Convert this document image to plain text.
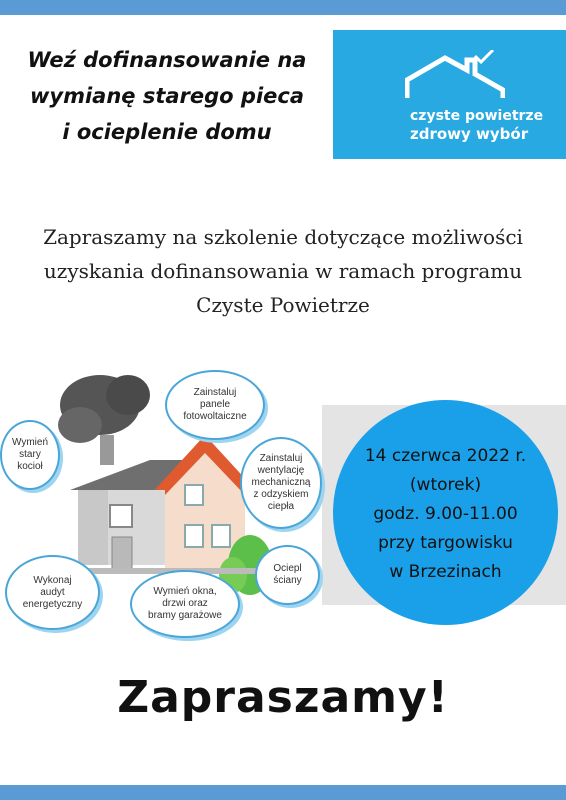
Weź dofinansowanie na
wymianę starego pieca
i ocieplenie domu
czyste powietrze
zdrowy wybór
Zapraszamy na szkolenie dotyczące możliwości
uzyskania dofinansowania w ramach programu
Czyste Powietrze
Zainstaluj
panele
fotowoltaiczne
Wymień
stary
kocioł
Zainstaluj
wentylację
mechaniczną
z odzyskiem
ciepła
Ociepl
ściany
Wykonaj
audyt
energetyczny
Wymień okna,
drzwi oraz
bramy garażowe
14 czerwca 2022 r.
(wtorek)
godz. 9.00-11.00
przy targowisku
w Brzezinach
Zapraszamy!
